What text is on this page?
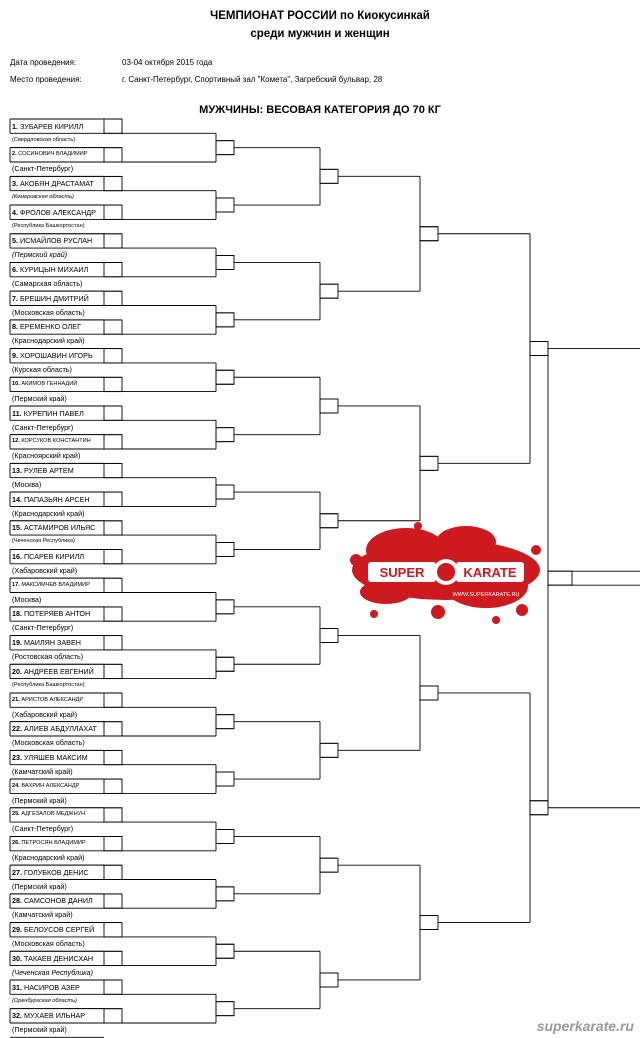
ЧЕМПИОНАТ РОССИИ по Киокусинкай
среди мужчин и женщин
Дата проведения:	03-04 октября 2015 года
Место проведения:	г. Санкт-Петербург, Спортивный зал "Комета", Загребский бульвар, 28
МУЖЧИНЫ: ВЕСОВАЯ КАТЕГОРИЯ ДО 70 КГ
1. ЗУБАРЕВ КИРИЛЛ
(Свердловская область)
2. СОСИНОВИЧ ВЛАДИМИР
(Санкт-Петербург)
3. АКОБЯН ДРАСТАМАТ
(Кемеровская область)
4. ФРОЛОВ АЛЕКСАНДР
(Республика Башкортостан)
5. ИСМАЙЛОВ РУСЛАН
(Пермский край)
6. КУРИЦЫН МИХАИЛ
(Самарская область)
7. БРЕШИН ДМИТРИЙ
(Московская область)
8. ЕРЕМЕНКО ОЛЕГ
(Краснодарский край)
9. ХОРОШАВИН ИГОРЬ
(Курская область)
10. АКИМОВ ГЕННАДИЙ
(Пермский край)
11. КУРЕПИН ПАВЕЛ
(Санкт-Петербург)
12. КОРСУКОВ КОНСТАНТИН
(Красноярский край)
13. РУЛЕВ АРТЕМ
(Москва)
14. ПАПАЗЬЯН АРСЕН
(Краснодарский край)
15. АСТАМИРОВ ИЛЬЯС
(Чеченская Республика)
16. ПСАРЕВ КИРИЛЛ
(Хабаровский край)
17. МАКСИМЧЕВ ВЛАДИМИР
(Москва)
18. ПОТЕРЯЕВ АНТОН
(Санкт-Петербург)
19. МАИЛЯН ЗАВЕН
(Ростовская область)
20. АНДРЕЕВ ЕВГЕНИЙ
(Республика Башкортостан)
21. АРИСТОВ АЛЕКСАНДР
(Хабаровский край)
22. АЛИЕВ АБДУЛЛАХАТ
(Московская область)
23. УЛЯШЕВ МАКСИМ
(Камчатский край)
24. ВАХРИН АЛЕКСАНДР
(Пермский край)
25. АДГЕЗАЛОВ МЕДЖНУН
(Санкт-Петербург)
26. ПЕТРОСЯН ВЛАДИМИР
(Краснодарский край)
27. ГОЛУБКОВ ДЕНИС
(Пермский край)
28. САМСОНОВ ДАНИЛ
(Камчатский край)
29. БЕЛОУСОВ СЕРГЕЙ
(Московская область)
30. ТАКАЕВ ДЕНИСХАН
(Чеченская Республика)
31. НАСИРОВ АЗЕР
(Оренбургская область)
32. МУХАЕВ ИЛЬНАР
(Пермский край)
SUPER	KARATE
WWW.SUPERKARATE.RU
superkarate.ru
